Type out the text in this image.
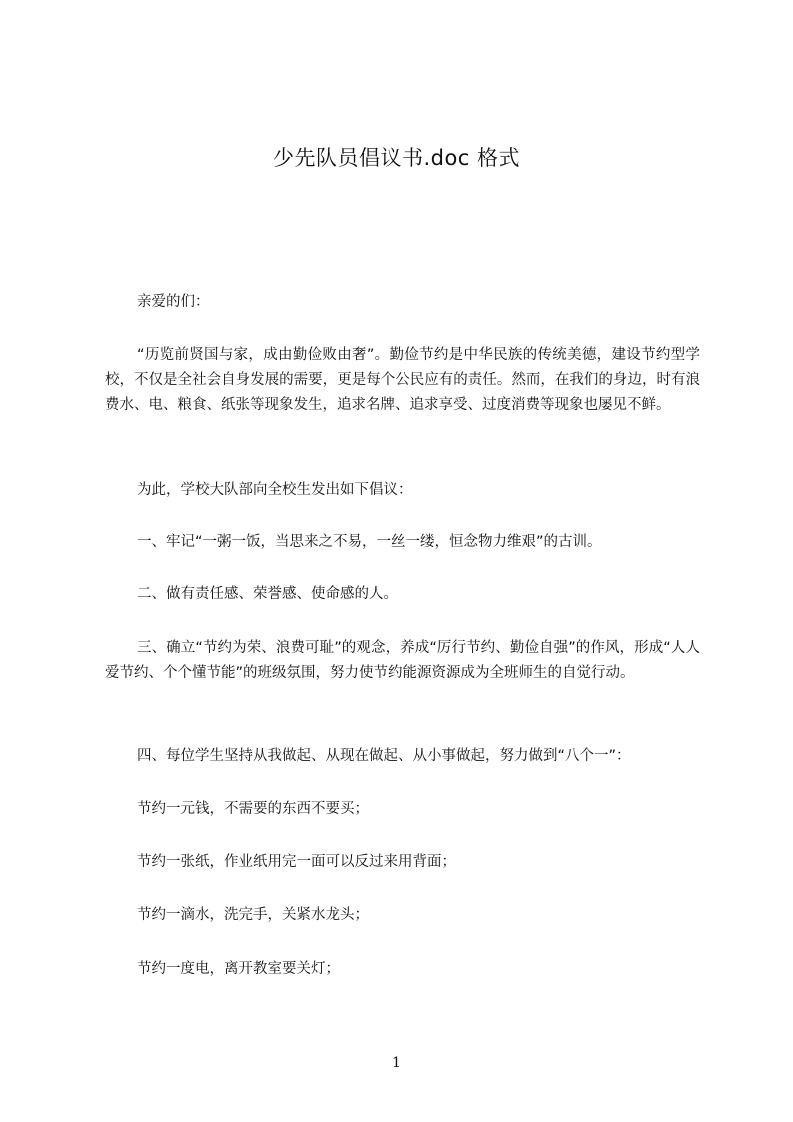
少先队员倡议书.doc 格式

亲爱的们：

“历览前贤国与家，成由勤俭败由奢”。勤俭节约是中华民族的传统美德，建设节约型学校，不仅是全社会自身发展的需要，更是每个公民应有的责任。然而，在我们的身边，时有浪费水、电、粮食、纸张等现象发生，追求名牌、追求享受、过度消费等现象也屡见不鲜。

为此，学校大队部向全校生发出如下倡议：

一、牢记“一粥一饭，当思来之不易，一丝一缕，恒念物力维艰”的古训。

二、做有责任感、荣誉感、使命感的人。

三、确立“节约为荣、浪费可耻”的观念，养成“厉行节约、勤俭自强”的作风，形成“人人爱节约、个个懂节能”的班级氛围，努力使节约能源资源成为全班师生的自觉行动。

四、每位学生坚持从我做起、从现在做起、从小事做起，努力做到“八个一”：

节约一元钱，不需要的东西不要买；

节约一张纸，作业纸用完一面可以反过来用背面；

节约一滴水，洗完手，关紧水龙头；

节约一度电，离开教室要关灯；

1
